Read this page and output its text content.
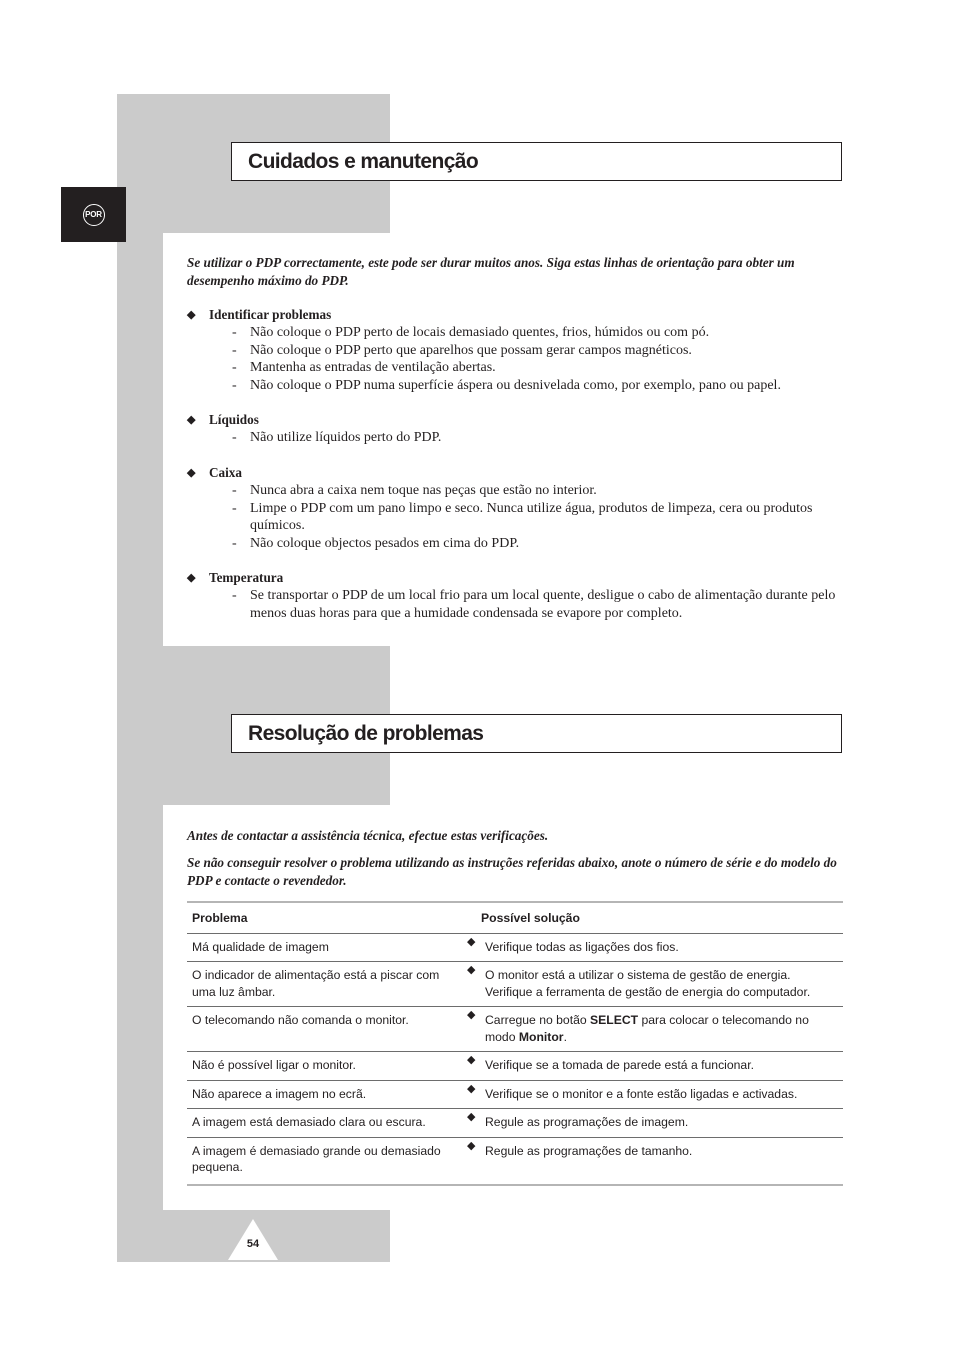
POR
Cuidados e manutenção

Se utilizar o PDP correctamente, este pode ser durar muitos anos. Siga estas linhas de orientação para obter um desempenho máximo do PDP.

◆ Identificar problemas
- Não coloque o PDP perto de locais demasiado quentes, frios, húmidos ou com pó.
- Não coloque o PDP perto que aparelhos que possam gerar campos magnéticos.
- Mantenha as entradas de ventilação abertas.
- Não coloque o PDP numa superfície áspera ou desnivelada como, por exemplo, pano ou papel.
◆ Líquidos
- Não utilize líquidos perto do PDP.
◆ Caixa
- Nunca abra a caixa nem toque nas peças que estão no interior.
- Limpe o PDP com um pano limpo e seco. Nunca utilize água, produtos de limpeza, cera ou produtos químicos.
- Não coloque objectos pesados em cima do PDP.
◆ Temperatura
- Se transportar o PDP de um local frio para um local quente, desligue o cabo de alimentação durante pelo menos duas horas para que a humidade condensada se evapore por completo.
Resolução de problemas

Antes de contactar a assistência técnica, efectue estas verificações.

Se não conseguir resolver o problema utilizando as instruções referidas abaixo, anote o número de série e do modelo do PDP e contacte o revendedor.

Problema	Possível solução
Má qualidade de imagem	◆ Verifique todas as ligações dos fios.
O indicador de alimentação está a piscar com uma luz âmbar.	◆ O monitor está a utilizar o sistema de gestão de energia. Verifique a ferramenta de gestão de energia do computador.
O telecomando não comanda o monitor.	◆ Carregue no botão SELECT para colocar o telecomando no modo Monitor.
Não é possível ligar o monitor.	◆ Verifique se a tomada de parede está a funcionar.
Não aparece a imagem no ecrã.	◆ Verifique se o monitor e a fonte estão ligadas e activadas.
A imagem está demasiado clara ou escura.	◆ Regule as programações de imagem.
A imagem é demasiado grande ou demasiado pequena.	◆ Regule as programações de tamanho.
54
